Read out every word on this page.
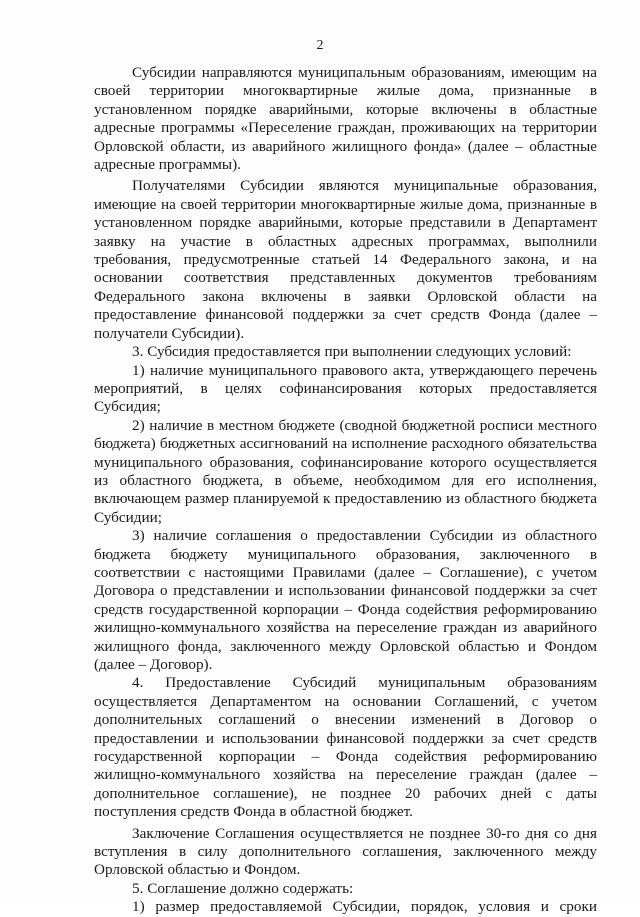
2

Субсидии направляются муниципальным образованиям, имеющим на своей территории многоквартирные жилые дома, признанные в установленном порядке аварийными, которые включены в областные адресные программы «Переселение граждан, проживающих на территории Орловской области, из аварийного жилищного фонда» (далее – областные адресные программы).

Получателями Субсидии являются муниципальные образования, имеющие на своей территории многоквартирные жилые дома, признанные в установленном порядке аварийными, которые представили в Департамент заявку на участие в областных адресных программах, выполнили требования, предусмотренные статьей 14 Федерального закона, и на основании соответствия представленных документов требованиям Федерального закона включены в заявки Орловской области на предоставление финансовой поддержки за счет средств Фонда (далее – получатели Субсидии).

3. Субсидия предоставляется при выполнении следующих условий:

1) наличие муниципального правового акта, утверждающего перечень мероприятий, в целях софинансирования которых предоставляется Субсидия;

2) наличие в местном бюджете (сводной бюджетной росписи местного бюджета) бюджетных ассигнований на исполнение расходного обязательства муниципального образования, софинансирование которого осуществляется из областного бюджета, в объеме, необходимом для его исполнения, включающем размер планируемой к предоставлению из областного бюджета Субсидии;

3) наличие соглашения о предоставлении Субсидии из областного бюджета бюджету муниципального образования, заключенного в соответствии с настоящими Правилами (далее – Соглашение), с учетом Договора о представлении и использовании финансовой поддержки за счет средств государственной корпорации – Фонда содействия реформированию жилищно-коммунального хозяйства на переселение граждан из аварийного жилищного фонда, заключенного между Орловской областью и Фондом (далее – Договор).

4. Предоставление Субсидий муниципальным образованиям осуществляется Департаментом на основании Соглашений, с учетом дополнительных соглашений о внесении изменений в Договор о предоставлении и использовании финансовой поддержки за счет средств государственной корпорации – Фонда содействия реформированию жилищно-коммунального хозяйства на переселение граждан (далее – дополнительное соглашение), не позднее 20 рабочих дней с даты поступления средств Фонда в областной бюджет.

Заключение Соглашения осуществляется не позднее 30-го дня со дня вступления в силу дополнительного соглашения, заключенного между Орловской областью и Фондом.

5. Соглашение должно содержать:

1) размер предоставляемой Субсидии, порядок, условия и сроки
